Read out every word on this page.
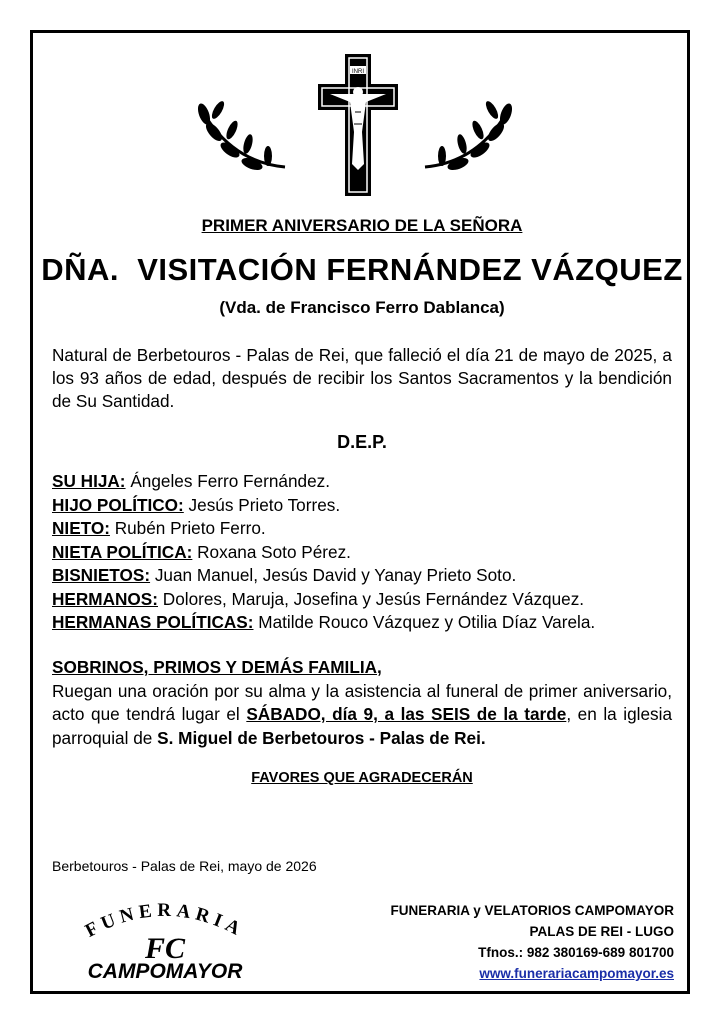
INRI
PRIMER ANIVERSARIO DE LA SEÑORA
DÑA.  VISITACIÓN FERNÁNDEZ VÁZQUEZ
(Vda. de Francisco Ferro Dablanca)
Natural de Berbetouros - Palas de Rei, que falleció el día 21 de mayo de 2025, a los 93 años de edad, después de recibir los Santos Sacramentos y la bendición de Su Santidad.
D.E.P.
SU HIJA: Ángeles Ferro Fernández.
HIJO POLÍTICO: Jesús Prieto Torres.
NIETO: Rubén Prieto Ferro.
NIETA POLÍTICA: Roxana Soto Pérez.
BISNIETOS: Juan Manuel, Jesús David y Yanay Prieto Soto.
HERMANOS: Dolores, Maruja, Josefina y Jesús Fernández Vázquez.
HERMANAS POLÍTICAS: Matilde Rouco Vázquez y Otilia Díaz Varela.
SOBRINOS, PRIMOS Y DEMÁS FAMILIA,
Ruegan una oración por su alma y la asistencia al funeral de primer aniversario, acto que tendrá lugar el SÁBADO, día 9, a las SEIS de la tarde, en la iglesia parroquial de S. Miguel de Berbetouros - Palas de Rei.
FAVORES QUE AGRADECERÁN
Berbetouros - Palas de Rei, mayo de 2026
FUNERARIA
FC
CAMPOMAYOR
FUNERARIA y VELATORIOS CAMPOMAYOR
PALAS DE REI - LUGO
Tfnos.: 982 380169-689 801700
www.funerariacampomayor.es
